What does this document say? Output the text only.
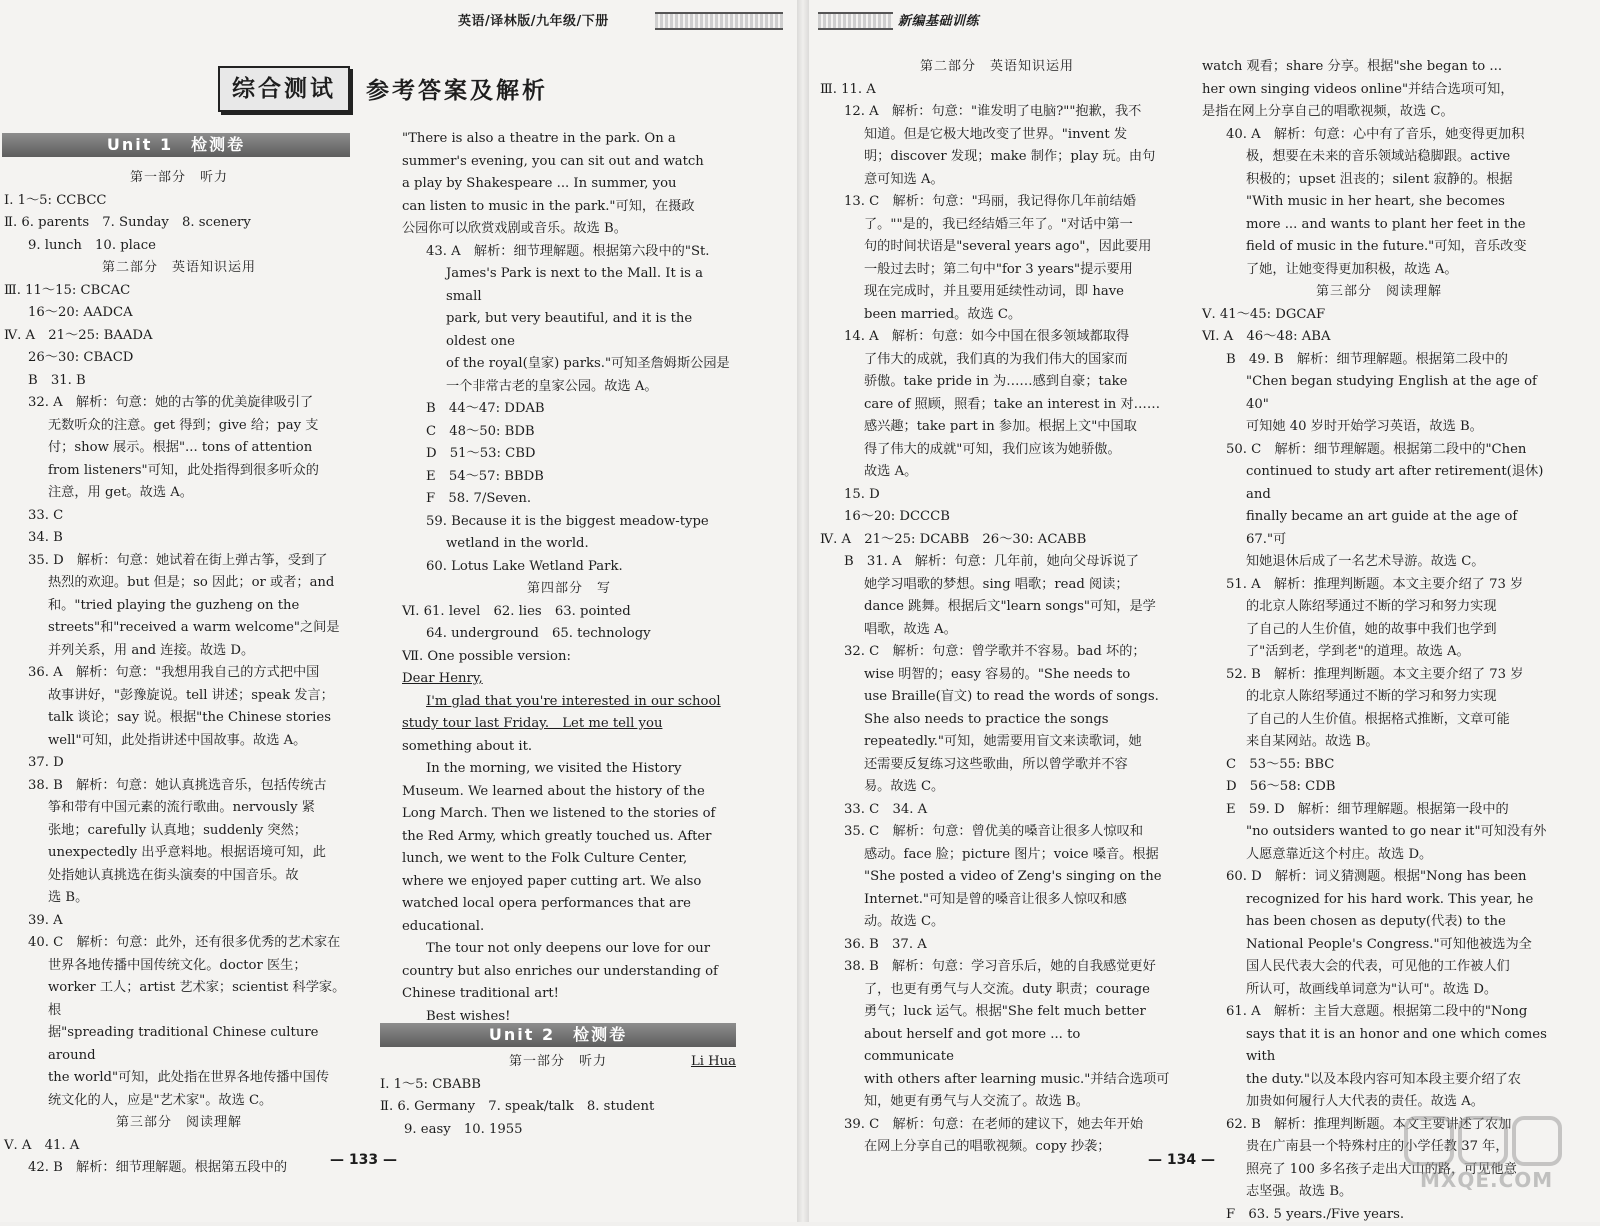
英语/译林版/九年级/下册	新编基础训练
综合测试	参考答案及解析
Unit 1　检测卷

第一部分　听力

Ⅰ. 1～5: CCBCC

Ⅱ. 6. parents　7. Sunday　8. scenery

9. lunch　10. place

第二部分　英语知识运用

Ⅲ. 11～15: CBCAC

16～20: AADCA

Ⅳ. A　21～25: BAADA

26～30: CBACD

B　31. B

32. A　解析：句意：她的古筝的优美旋律吸引了

无数听众的注意。get 得到；give 给；pay 支

付；show 展示。根据"... tons of attention

from listeners"可知，此处指得到很多听众的

注意，用 get。故选 A。

33. C

34. B

35. D　解析：句意：她试着在街上弹古筝，受到了

热烈的欢迎。but 但是；so 因此；or 或者；and

和。"tried playing the guzheng on the

streets"和"received a warm welcome"之间是

并列关系，用 and 连接。故选 D。

36. A　解析：句意："我想用我自己的方式把中国

故事讲好，"彭豫旋说。tell 讲述；speak 发言；

talk 谈论；say 说。根据"the Chinese stories

well"可知，此处指讲述中国故事。故选 A。

37. D

38. B　解析：句意：她认真挑选音乐，包括传统古

筝和带有中国元素的流行歌曲。nervously 紧

张地；carefully 认真地；suddenly 突然；

unexpectedly 出乎意料地。根据语境可知，此

处指她认真挑选在街头演奏的中国音乐。故

选 B。

39. A

40. C　解析：句意：此外，还有很多优秀的艺术家在

世界各地传播中国传统文化。doctor 医生；

worker 工人；artist 艺术家；scientist 科学家。根

据"spreading traditional Chinese culture around

the world"可知，此处指在世界各地传播中国传

统文化的人，应是"艺术家"。故选 C。

第三部分　阅读理解

Ⅴ. A　41. A

42. B　解析：细节理解题。根据第五段中的

"There is also a theatre in the park. On a

summer's evening, you can sit out and watch

a play by Shakespeare ... In summer, you

can listen to music in the park."可知，在摄政

公园你可以欣赏戏剧或音乐。故选 B。

43. A　解析：细节理解题。根据第六段中的"St.

James's Park is next to the Mall. It is a small

park, but very beautiful, and it is the oldest one

of the royal(皇家) parks."可知圣詹姆斯公园是

一个非常古老的皇家公园。故选 A。

B　44～47: DDAB

C　48～50: BDB

D　51～53: CBD

E　54～57: BBDB

F　58. 7/Seven.

59. Because it is the biggest meadow-type

wetland in the world.

60. Lotus Lake Wetland Park.

第四部分　写

Ⅵ. 61. level　62. lies　63. pointed

64. underground　65. technology

Ⅶ. One possible version:

Dear Henry,

I'm glad that you're interested in our school

study tour last Friday.　Let me tell you

something about it.

In the morning, we visited the History

Museum. We learned about the history of the

Long March. Then we listened to the stories of

the Red Army, which greatly touched us. After

lunch, we went to the Folk Culture Center,

where we enjoyed paper cutting art. We also

watched local opera performances that are

educational.

The tour not only deepens our love for our

country but also enriches our understanding of

Chinese traditional art!

Best wishes!

Li Hua

Unit 2　检测卷

第一部分　听力

Ⅰ. 1～5: CBABB

Ⅱ. 6. Germany　7. speak/talk　8. student

9. easy　10. 1955

第二部分　英语知识运用

Ⅲ. 11. A

12. A　解析：句意："谁发明了电脑?""抱歉，我不

知道。但是它极大地改变了世界。"invent 发

明；discover 发现；make 制作；play 玩。由句

意可知选 A。

13. C　解析：句意："玛丽，我记得你几年前结婚

了。""是的，我已经结婚三年了。"对话中第一

句的时间状语是"several years ago"，因此要用

一般过去时；第二句中"for 3 years"提示要用

现在完成时，并且要用延续性动词，即 have

been married。故选 C。

14. A　解析：句意：如今中国在很多领域都取得

了伟大的成就，我们真的为我们伟大的国家而

骄傲。take pride in 为……感到自豪；take

care of 照顾，照看；take an interest in 对……

感兴趣；take part in 参加。根据上文"中国取

得了伟大的成就"可知，我们应该为她骄傲。

故选 A。

15. D

16～20: DCCCB

Ⅳ. A　21～25: DCABB　26～30: ACABB

B　31. A　解析：句意：几年前，她向父母诉说了

她学习唱歌的梦想。sing 唱歌；read 阅读；

dance 跳舞。根据后文"learn songs"可知，是学

唱歌，故选 A。

32. C　解析：句意：曾学歌并不容易。bad 坏的；

wise 明智的；easy 容易的。"She needs to

use Braille(盲文) to read the words of songs.

She also needs to practice the songs

repeatedly."可知，她需要用盲文来读歌词，她

还需要反复练习这些歌曲，所以曾学歌并不容

易。故选 C。

33. C　34. A

35. C　解析：句意：曾优美的嗓音让很多人惊叹和

感动。face 脸；picture 图片；voice 嗓音。根据

"She posted a video of Zeng's singing on the

Internet."可知是曾的嗓音让很多人惊叹和感

动。故选 C。

36. B　37. A

38. B　解析：句意：学习音乐后，她的自我感觉更好

了，也更有勇气与人交流。duty 职责；courage

勇气；luck 运气。根据"She felt much better

about herself and got more ... to communicate

with others after learning music."并结合选项可

知，她更有勇气与人交流了。故选 B。

39. C　解析：句意：在老师的建议下，她去年开始

在网上分享自己的唱歌视频。copy 抄袭；

watch 观看；share 分享。根据"she began to ...

her own singing videos online"并结合选项可知，

是指在网上分享自己的唱歌视频，故选 C。

40. A　解析：句意：心中有了音乐，她变得更加积

极，想要在未来的音乐领域站稳脚跟。active

积极的；upset 沮丧的；silent 寂静的。根据

"With music in her heart, she becomes

more ... and wants to plant her feet in the

field of music in the future."可知，音乐改变

了她，让她变得更加积极，故选 A。

第三部分　阅读理解

Ⅴ. 41～45: DGCAF

Ⅵ. A　46～48: ABA

B　49. B　解析：细节理解题。根据第二段中的

"Chen began studying English at the age of 40"

可知她 40 岁时开始学习英语，故选 B。

50. C　解析：细节理解题。根据第二段中的"Chen

continued to study art after retirement(退休) and

finally became an art guide at the age of 67."可

知她退休后成了一名艺术导游。故选 C。

51. A　解析：推理判断题。本文主要介绍了 73 岁

的北京人陈绍琴通过不断的学习和努力实现

了自己的人生价值，她的故事中我们也学到

了"活到老，学到老"的道理。故选 A。

52. B　解析：推理判断题。本文主要介绍了 73 岁

的北京人陈绍琴通过不断的学习和努力实现

了自己的人生价值。根据格式推断，文章可能

来自某网站。故选 B。

C　53～55: BBC

D　56～58: CDB

E　59. D　解析：细节理解题。根据第一段中的

"no outsiders wanted to go near it"可知没有外

人愿意靠近这个村庄。故选 D。

60. D　解析：词义猜测题。根据"Nong has been

recognized for his hard work. This year, he

has been chosen as deputy(代表) to the

National People's Congress."可知他被选为全

国人民代表大会的代表，可见他的工作被人们

所认可，故画线单词意为"认可"。故选 D。

61. A　解析：主旨大意题。根据第二段中的"Nong

says that it is an honor and one which comes with

the duty."以及本段内容可知本段主要介绍了农

加贵如何履行人大代表的责任。故选 A。

62. B　解析：推理判断题。本文主要讲述了农加

贵在广南县一个特殊村庄的小学任教 37 年，

照亮了 100 多名孩子走出大山的路，可见他意

志坚强。故选 B。

F　63. 5 years./Five years.

— 133 —	— 134 —
MXQE.COM
